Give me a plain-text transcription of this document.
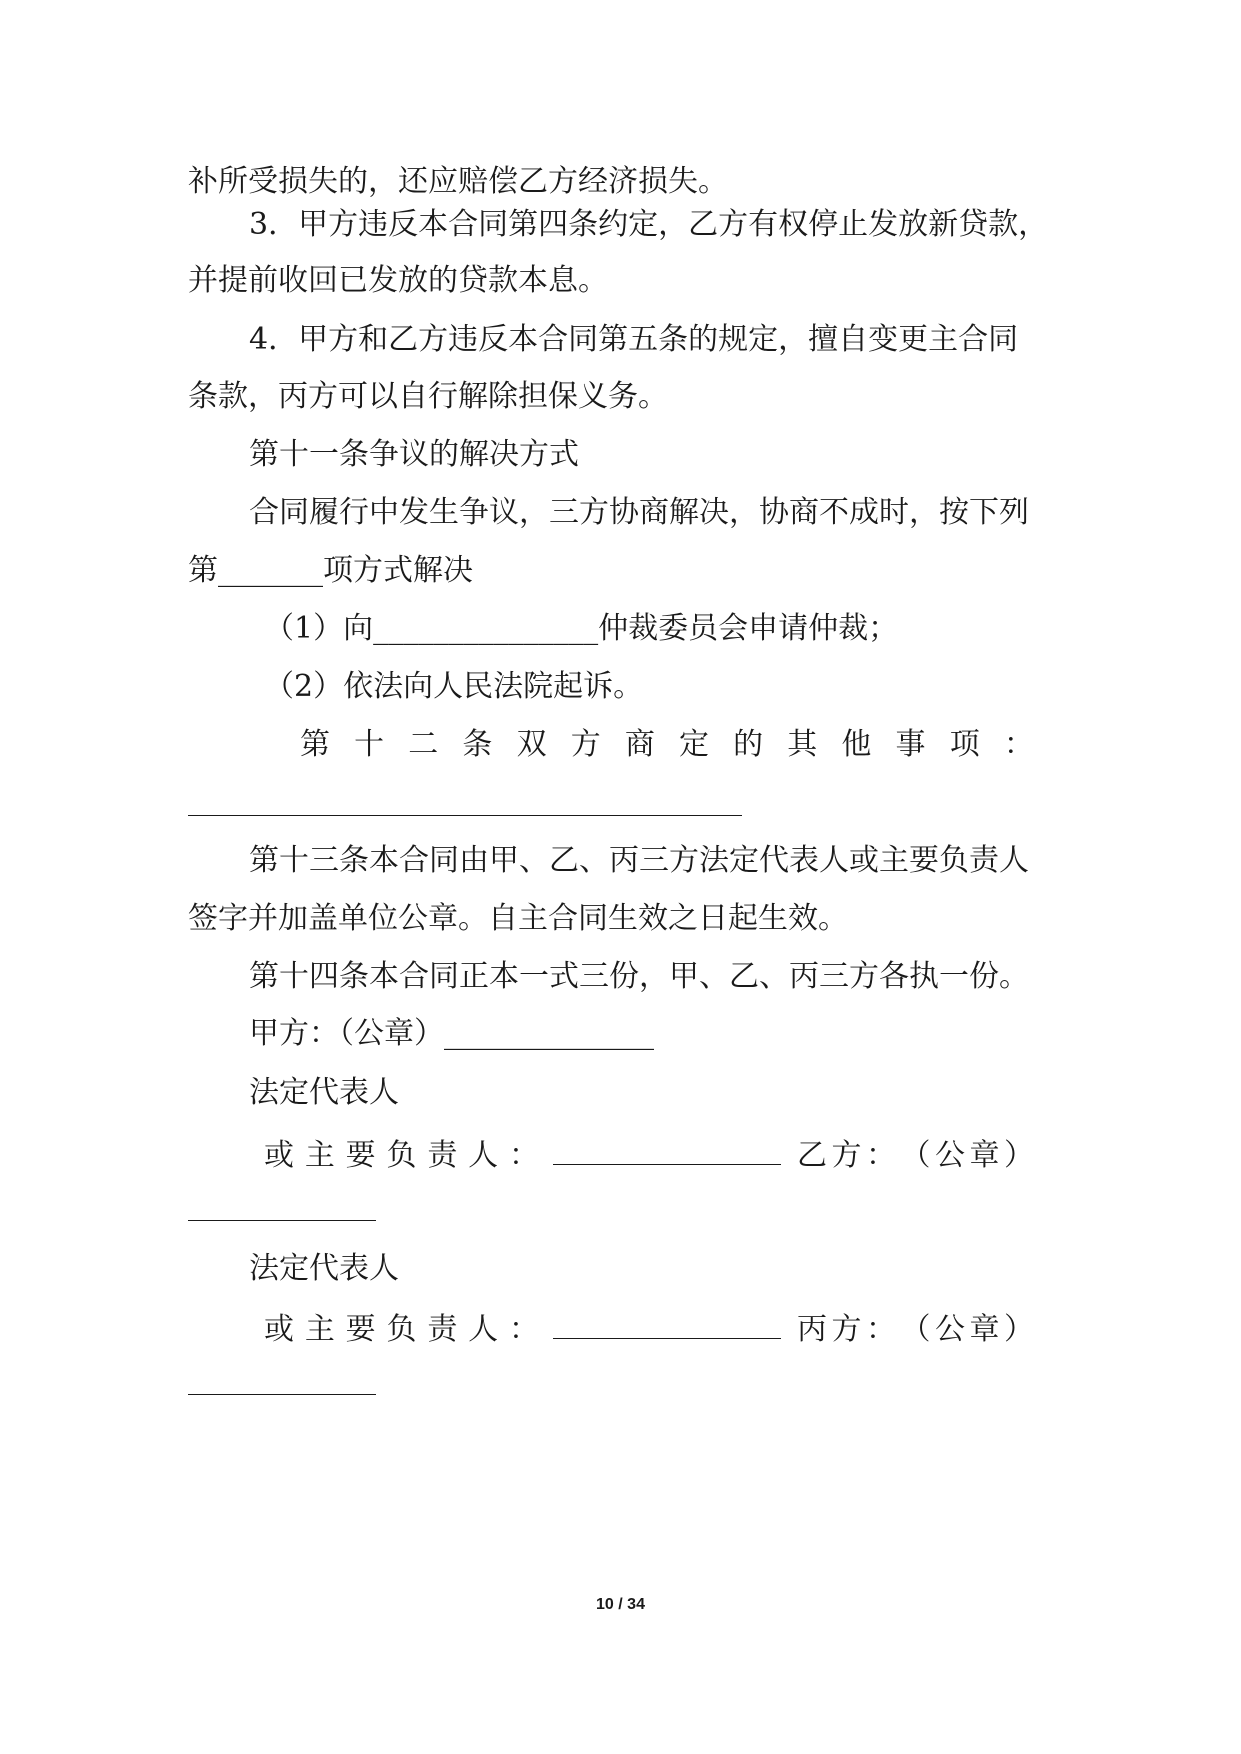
补所受损失的，还应赔偿乙方经济损失。
3．甲方违反本合同第四条约定，乙方有权停止发放新贷款，
并提前收回已发放的贷款本息。
4．甲方和乙方违反本合同第五条的规定，擅自变更主合同
条款，丙方可以自行解除担保义务。
第十一条争议的解决方式
合同履行中发生争议，三方协商解决，协商不成时，按下列
第_______项方式解决
（1）向_______________仲裁委员会申请仲裁；
（2）依法向人民法院起诉。
第 十 二 条 双 方 商 定 的 其 他 事 项 ：
第十三条本合同由甲、乙、丙三方法定代表人或主要负责人
签字并加盖单位公章。自主合同生效之日起生效。
第十四条本合同正本一式三份，甲、乙、丙三方各执一份。
甲方：（公章）______________
法定代表人
或 主 要 负 责 人 ：	乙 方 ： （ 公 章 ）
法定代表人
或 主 要 负 责 人 ：	丙 方 ： （ 公 章 ）
10 / 34
